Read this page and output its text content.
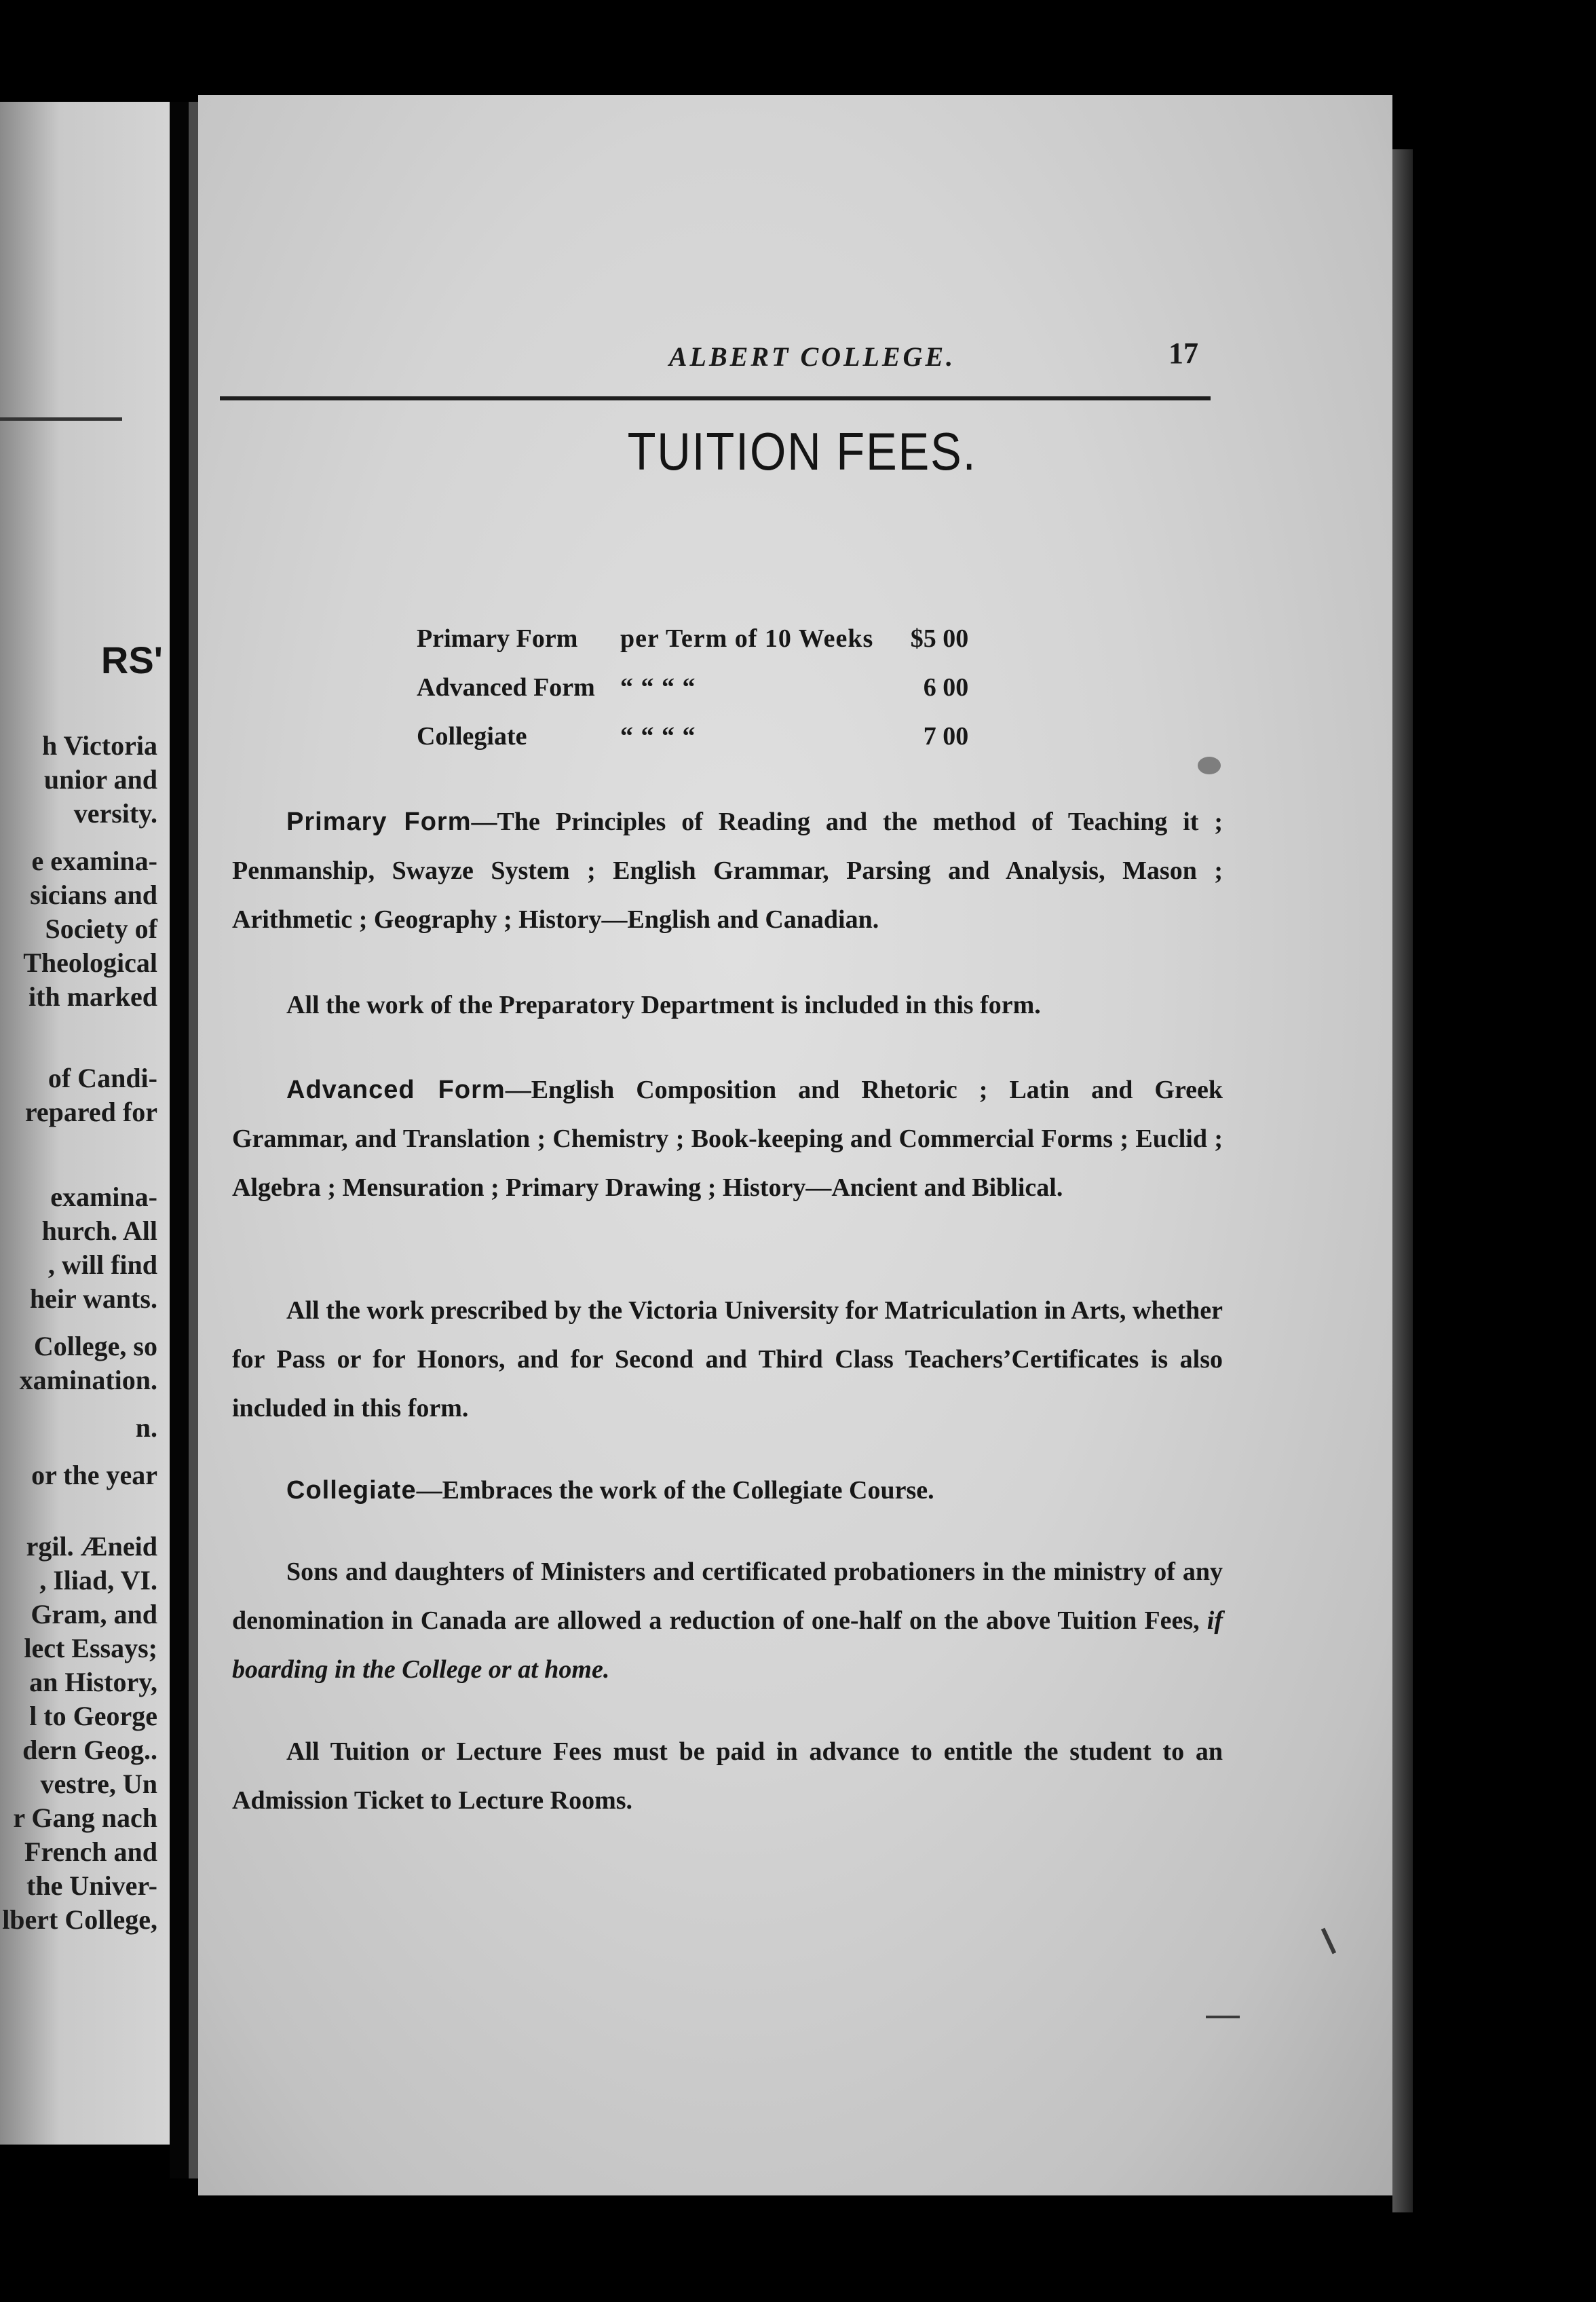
RS'
h Victoria
unior and
versity.
e examina-
sicians and
Society of
Theological
ith marked
of Candi-
repared for
examina-
hurch. All
, will find
heir wants.
College, so
xamination.
n.
or the year
rgil. Æneid
, Iliad, VI.
Gram, and
lect Essays;
an History,
l to George
dern Geog..
vestre, Un
r Gang nach
French and
the Univer-
lbert College,
ALBERT COLLEGE.	17
TUITION FEES.
Primary Form	per Term of 10 Weeks	$5 00
Advanced Form	“ “ “ “	6 00
Collegiate	“ “ “ “	7 00
Primary Form—The Principles of Reading and the method of Teaching it ; Penmanship, Swayze System ; English Grammar, Parsing and Analysis, Mason ; Arithmetic ; Geography ; History—English and Canadian.
All the work of the Preparatory Department is included in this form.
Advanced Form—English Composition and Rhetoric ; Latin and Greek Grammar, and Translation ; Chemistry ; Book-keeping and Commercial Forms ; Euclid ; Algebra ; Mensuration ; Primary Drawing ; History—Ancient and Biblical.
All the work prescribed by the Victoria University for Matriculation in Arts, whether for Pass or for Honors, and for Second and Third Class Teachers’Certificates is also included in this form.
Collegiate—Embraces the work of the Collegiate Course.
Sons and daughters of Ministers and certificated probationers in the ministry of any denomination in Canada are allowed a reduction of one-half on the above Tuition Fees, if boarding in the College or at home.
All Tuition or Lecture Fees must be paid in advance to entitle the student to an Admission Ticket to Lecture Rooms.
